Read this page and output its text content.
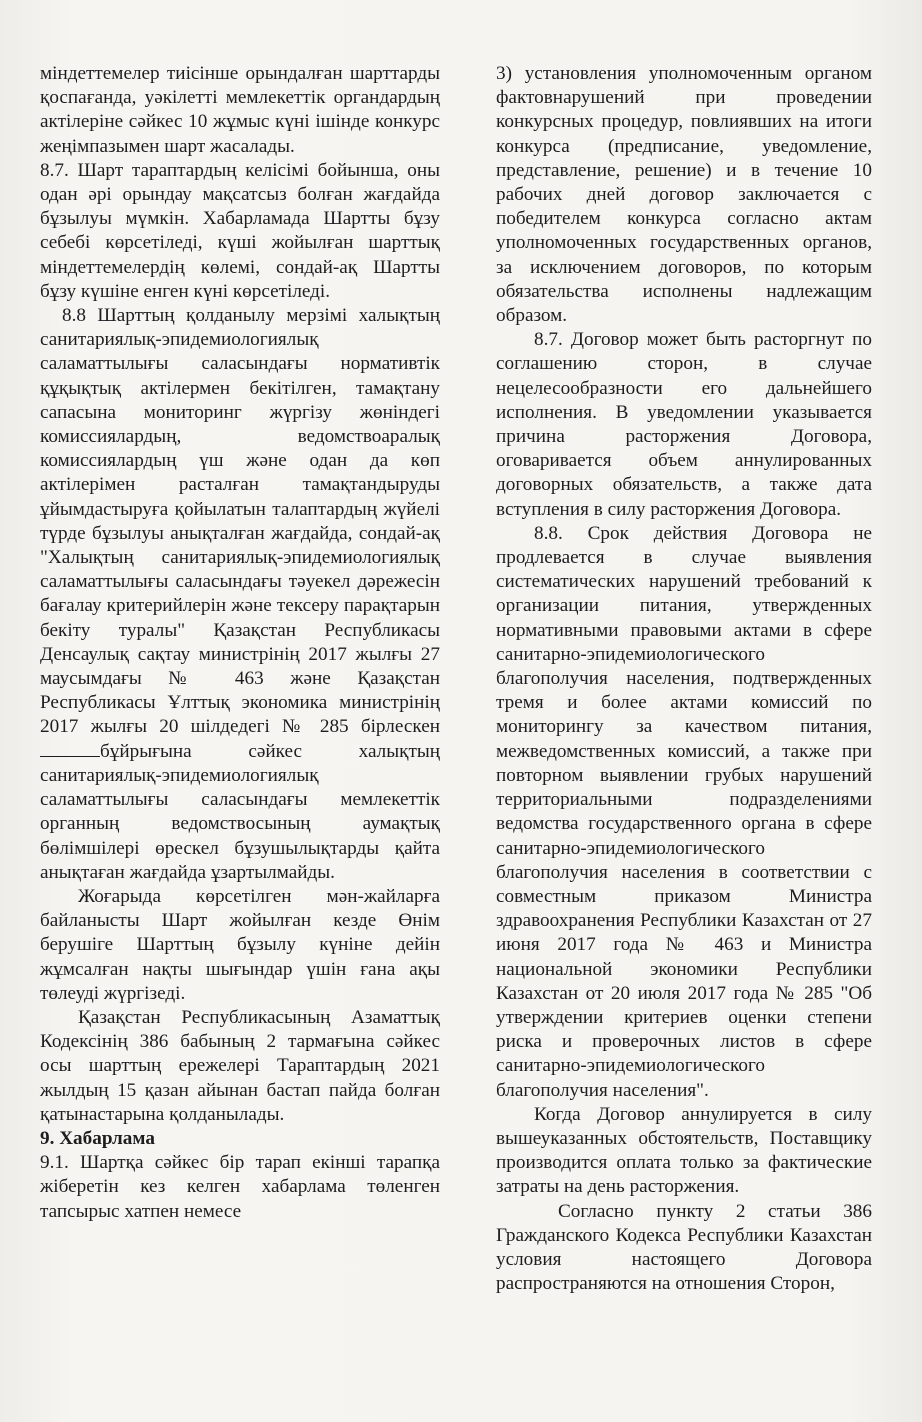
міндеттемелер тиісінше орындалған шарттарды қоспағанда, уәкілетті мемлекеттік органдардың актілеріне сәйкес 10 жұмыс күні ішінде конкурс жеңімпазымен шарт жасалады.

8.7. Шарт тараптардың келісімі бойынша, оны одан әрі орындау мақсатсыз болған жағдайда бұзылуы мүмкін. Хабарламада Шартты бұзу себебі көрсетіледі, күші жойылған шарттық міндеттемелердің көлемі, сондай-ақ Шартты бұзу күшіне енген күні көрсетіледі.

8.8 Шарттың қолданылу мерзімі халықтың санитариялық-эпидемиологиялық саламаттылығы саласындағы нормативтік құқықтық актілермен бекітілген, тамақтану сапасына мониторинг жүргізу жөніндегі комиссиялардың, ведомствоаралық комиссиялардың үш және одан да көп актілерімен расталған тамақтандыруды ұйымдастыруға қойылатын талаптардың жүйелі түрде бұзылуы анықталған жағдайда, сондай-ақ "Халықтың санитариялық-эпидемиологиялық саламаттылығы саласындағы тәуекел дәрежесін бағалау критерийлерін және тексеру парақтарын бекіту туралы" Қазақстан Республикасы Денсаулық сақтау министрінің 2017 жылғы 27 маусымдағы № 463 және Қазақстан Республикасы Ұлттық экономика министрінің 2017 жылғы 20 шілдедегі № 285 бірлескенбұйрығына	сәйкес халықтың санитариялық-эпидемиологиялық саламаттылығы саласындағы мемлекеттік органның ведомствосының аумақтық бөлімшілері өрескел бұзушылықтарды қайта анықтаған жағдайда ұзартылмайды.

Жоғарыда көрсетілген мән-жайларға байланысты Шарт жойылған кезде Өнім берушіге Шарттың бұзылу күніне дейін жұмсалған нақты шығындар үшін ғана ақы төлеуді жүргізеді.

Қазақстан Республикасының Азаматтық Кодексінің 386 бабының 2 тармағына сәйкес осы шарттың ережелері Тараптардың 2021 жылдың 15 қазан айынан бастап пайда болған қатынастарына қолданылады.

9. Хабарлама

9.1. Шартқа сәйкес бір тарап екінші тарапқа жіберетін кез келген хабарлама төленген тапсырыс хатпен немесе

3) установления уполномоченным органом фактовнарушений при проведении конкурсных процедур, повлиявших на итоги конкурса (предписание, уведомление, представление, решение) и в течение 10 рабочих дней договор заключается с победителем конкурса согласно актам уполномоченных государственных органов, за исключением договоров, по которым обязательства исполнены надлежащим образом.

8.7. Договор может быть расторгнут по соглашению сторон, в случае нецелесообразности его дальнейшего исполнения. В уведомлении указывается причина расторжения Договора, оговаривается объем аннулированных договорных обязательств, а также дата вступления в силу расторжения Договора.

8.8. Срок действия Договора не продлевается в случае выявления систематических нарушений требований к организации питания, утвержденных нормативными правовыми актами в сфере санитарно-эпидемиологического благополучия населения, подтвержденных тремя и более актами комиссий по мониторингу за качеством питания, межведомственных комиссий, а также при повторном выявлении грубых нарушений территориальными подразделениями ведомства государственного органа в сфере санитарно-эпидемиологического благополучия населения в соответствии с совместным приказом Министра здравоохранения Республики Казахстан от 27 июня 2017 года № 463 и Министра национальной экономики Республики Казахстан от 20 июля 2017 года № 285 "Об утверждении критериев оценки степени риска и проверочных листов в сфере санитарно-эпидемиологического благополучия населения".

Когда Договор аннулируется в силу вышеуказанных обстоятельств, Поставщику производится оплата только за фактические затраты на день расторжения.

Согласно пункту 2 статьи 386 Гражданского Кодекса Республики Казахстан условия настоящего Договора распространяются на отношения Сторон,
